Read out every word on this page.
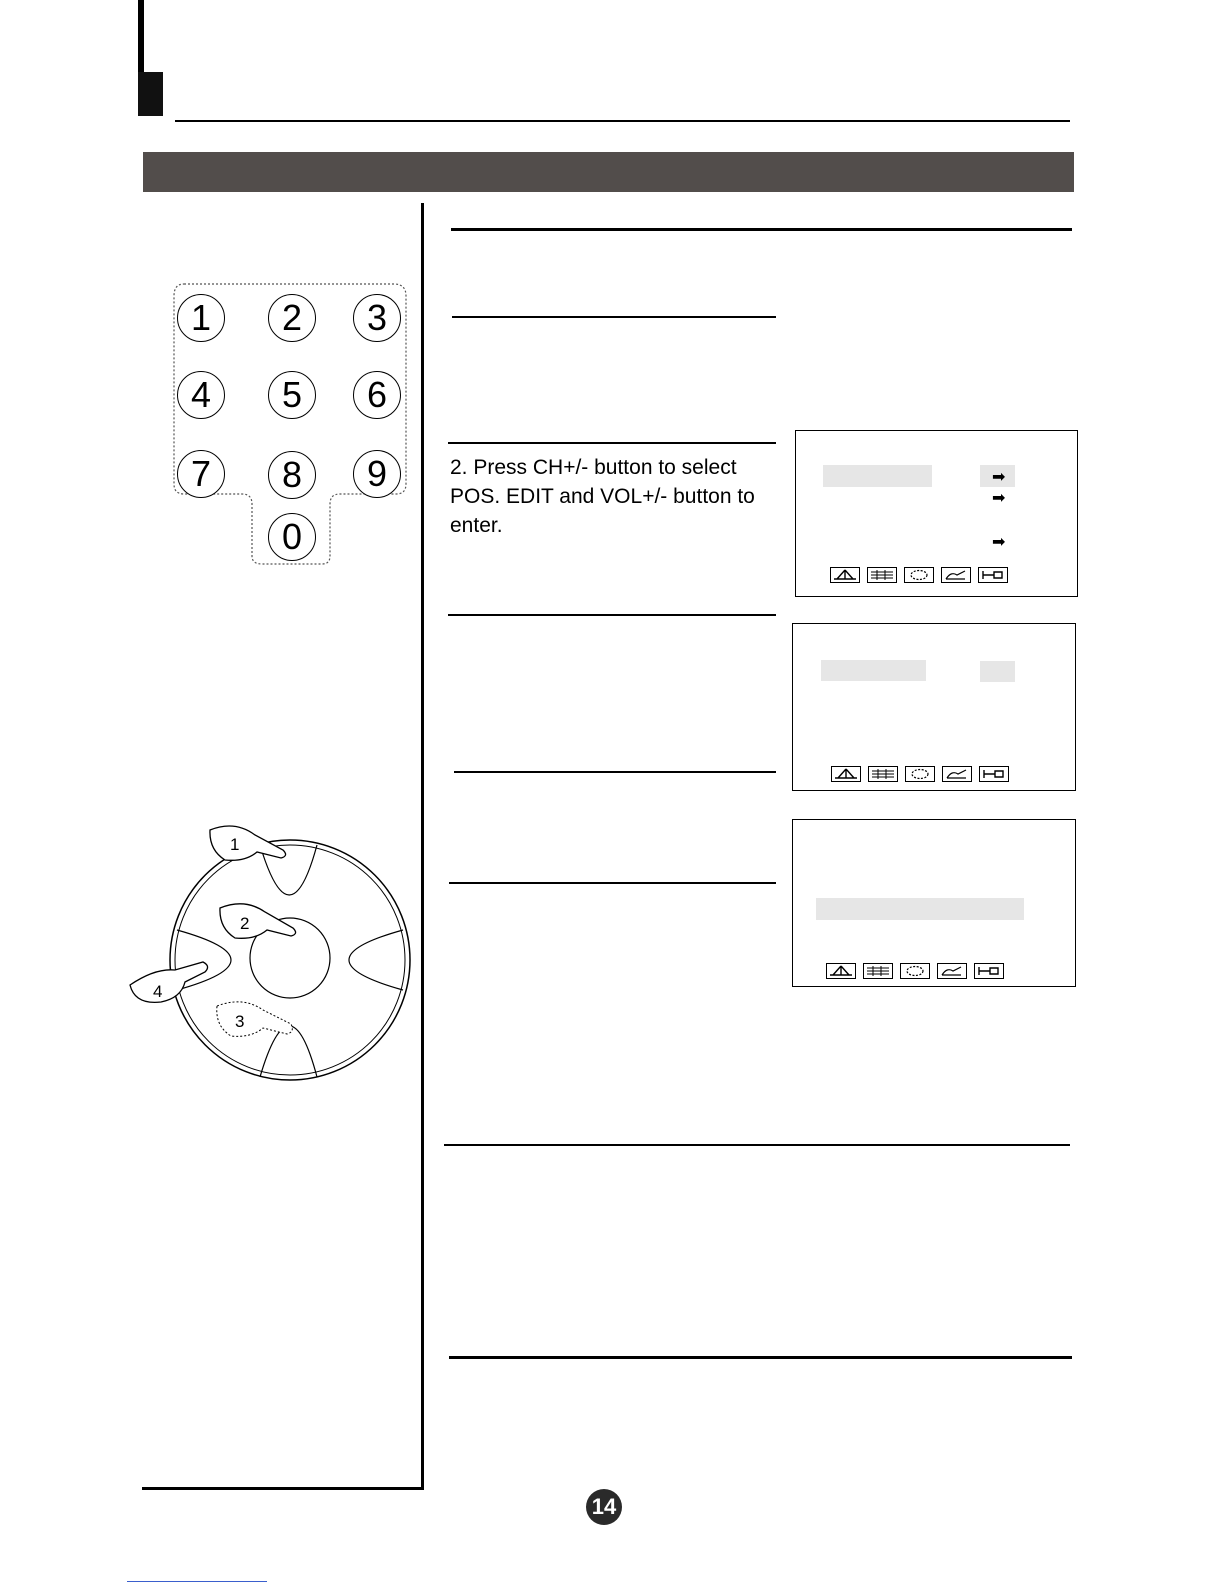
1	2	3
4	5	6
7	8	9
0
1
2
3
4
2. Press CH+/- button to select
POS. EDIT and VOL+/- button to
enter.
➡
➡
➡
14
